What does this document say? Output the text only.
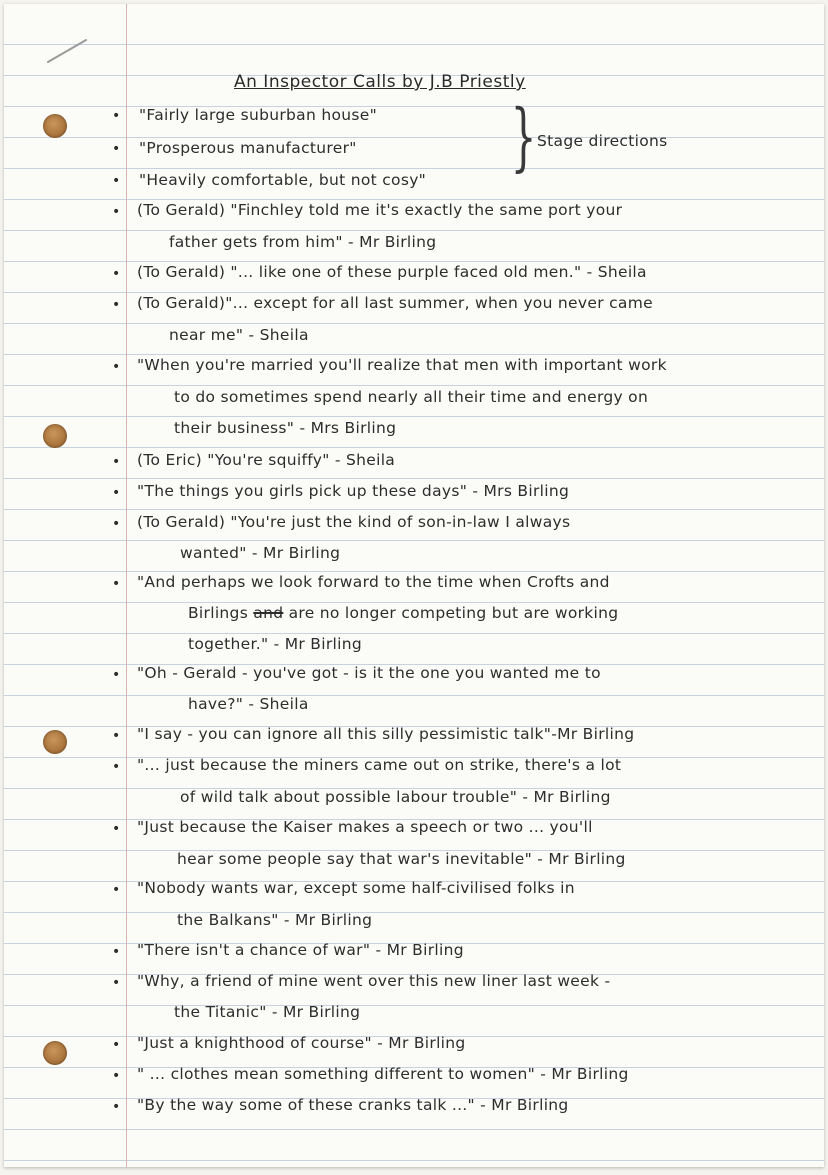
An Inspector Calls by J.B Priestly
•
•
•
•
•
•
•
•
•
•
•
•
•
•
•
•
•
•
•
•
•
"Fairly large suburban house"
"Prosperous manufacturer"
"Heavily comfortable, but not cosy" } Stage directions
(To Gerald) "Finchley told me it's exactly the same port your
father gets from him" - Mr Birling
(To Gerald) "... like one of these purple faced old men." - Sheila
(To Gerald)"... except for all last summer, when you never came
near me" - Sheila
"When you're married you'll realize that men with important work
to do sometimes spend nearly all their time and energy on
their business" - Mrs Birling
(To Eric) "You're squiffy" - Sheila
"The things you girls pick up these days" - Mrs Birling
(To Gerald) "You're just the kind of son-in-law I always
wanted" - Mr Birling
"And perhaps we look forward to the time when Crofts and
Birlings and are no longer competing but are working
together." - Mr Birling
"Oh - Gerald - you've got - is it the one you wanted me to
have?" - Sheila
"I say - you can ignore all this silly pessimistic talk"-Mr Birling
"... just because the miners came out on strike, there's a lot
of wild talk about possible labour trouble" - Mr Birling
"Just because the Kaiser makes a speech or two ... you'll
hear some people say that war's inevitable" - Mr Birling
"Nobody wants war, except some half-civilised folks in
the Balkans" - Mr Birling
"There isn't a chance of war" - Mr Birling
"Why, a friend of mine went over this new liner last week -
the Titanic" - Mr Birling
"Just a knighthood of course" - Mr Birling
" ... clothes mean something different to women" - Mr Birling
"By the way some of these cranks talk ..." - Mr Birling
